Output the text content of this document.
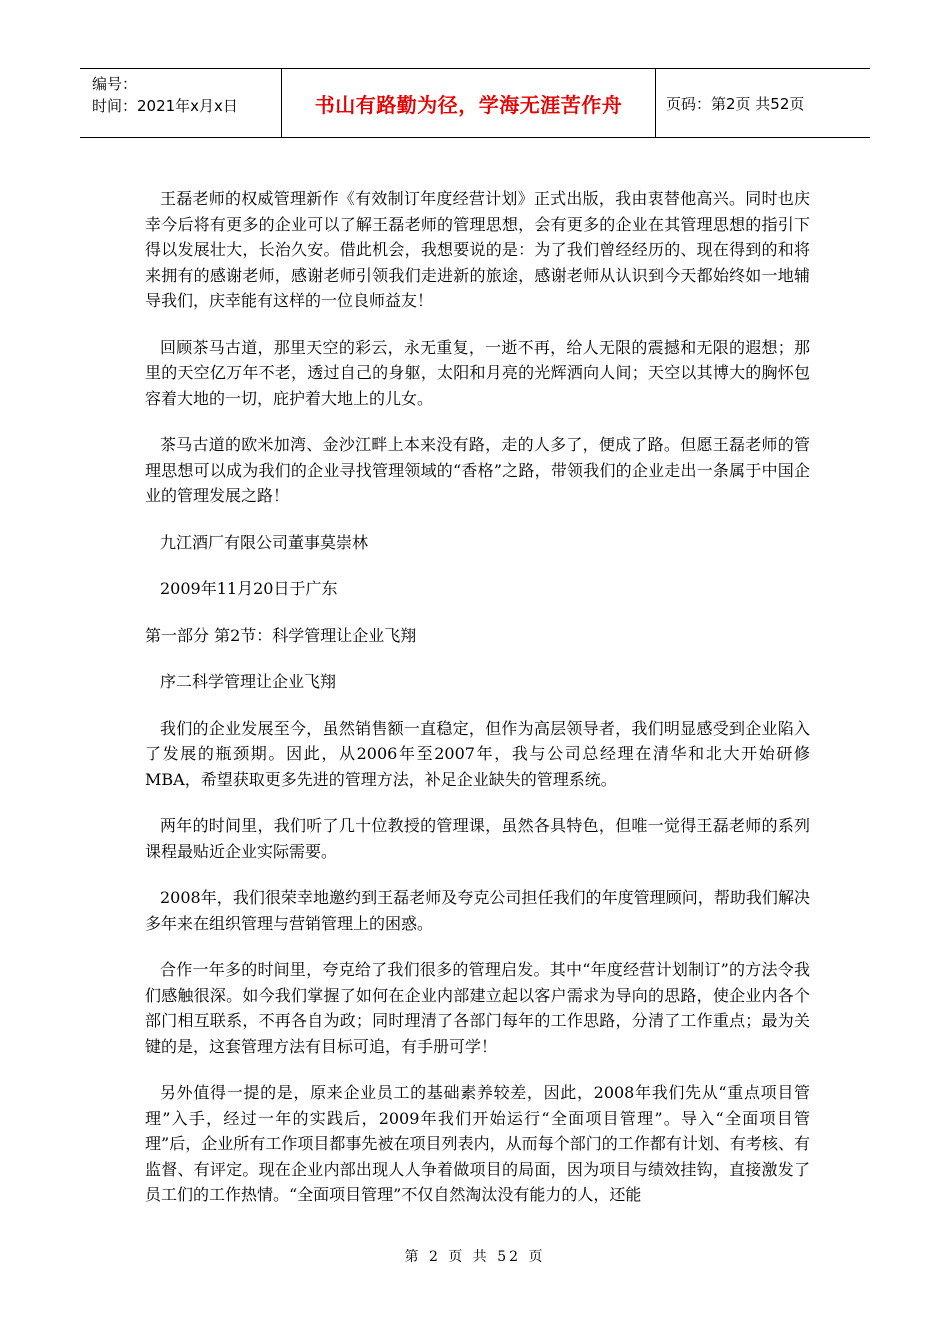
编号：
时间：2021年x月x日	书山有路勤为径，学海无涯苦作舟	页码：第2页 共52页

王磊老师的权威管理新作《有效制订年度经营计划》正式出版，我由衷替他高兴。同时也庆幸今后将有更多的企业可以了解王磊老师的管理思想，会有更多的企业在其管理思想的指引下得以发展壮大，长治久安。借此机会，我想要说的是：为了我们曾经经历的、现在得到的和将来拥有的感谢老师，感谢老师引领我们走进新的旅途，感谢老师从认识到今天都始终如一地辅导我们，庆幸能有这样的一位良师益友！

回顾茶马古道，那里天空的彩云，永无重复，一逝不再，给人无限的震撼和无限的遐想；那里的天空亿万年不老，透过自己的身躯，太阳和月亮的光辉洒向人间；天空以其博大的胸怀包容着大地的一切，庇护着大地上的儿女。

茶马古道的欧米加湾、金沙江畔上本来没有路，走的人多了，便成了路。但愿王磊老师的管理思想可以成为我们的企业寻找管理领域的“香格”之路，带领我们的企业走出一条属于中国企业的管理发展之路！

九江酒厂有限公司董事莫崇林

2009年11月20日于广东

第一部分 第2节：科学管理让企业飞翔

序二科学管理让企业飞翔

我们的企业发展至今，虽然销售额一直稳定，但作为高层领导者，我们明显感受到企业陷入了发展的瓶颈期。因此，从2006年至2007年，我与公司总经理在清华和北大开始研修MBA，希望获取更多先进的管理方法，补足企业缺失的管理系统。

两年的时间里，我们听了几十位教授的管理课，虽然各具特色，但唯一觉得王磊老师的系列课程最贴近企业实际需要。

2008年，我们很荣幸地邀约到王磊老师及夸克公司担任我们的年度管理顾问，帮助我们解决多年来在组织管理与营销管理上的困惑。

合作一年多的时间里，夸克给了我们很多的管理启发。其中“年度经营计划制订”的方法令我们感触很深。如今我们掌握了如何在企业内部建立起以客户需求为导向的思路，使企业内各个部门相互联系，不再各自为政；同时理清了各部门每年的工作思路，分清了工作重点；最为关键的是，这套管理方法有目标可追，有手册可学！

另外值得一提的是，原来企业员工的基础素养较差，因此，2008年我们先从“重点项目管理”入手，经过一年的实践后，2009年我们开始运行“全面项目管理”。导入“全面项目管理”后，企业所有工作项目都事先被在项目列表内，从而每个部门的工作都有计划、有考核、有监督、有评定。现在企业内部出现人人争着做项目的局面，因为项目与绩效挂钩，直接激发了员工们的工作热情。“全面项目管理”不仅自然淘汰没有能力的人，还能

第 2 页 共 52 页
